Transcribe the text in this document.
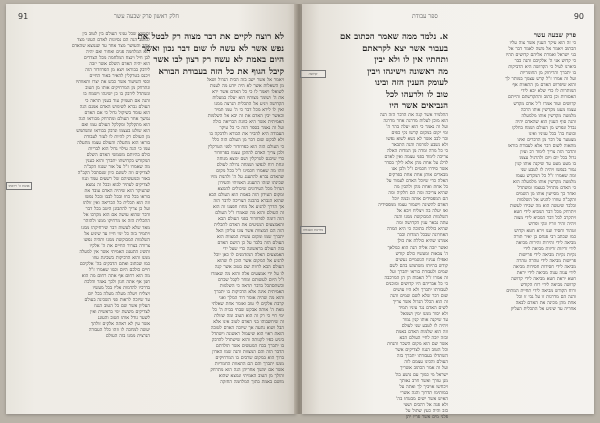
91	חלק ראשון פרק שבעה עשר
לא רוצה לקיים את דבר מצוה רק לבטל את
נפש אשר לא עשה לו שום דבר נכון ואשר
היום באמת לא עשה רק רצון לבו אשר
קיבל הגוף את כל הזה בעבודת הבורא
ויאמר אל אשר ישב בזה הבית הגדול ושאל
מן השאלות אשר לא היה יודע מה לענות
לשואלו ויאמר לו כי כל האדם אשר ירא
את ה' ושומר מצותיו הוא יעלה במעלות
הקדושה ויגיע אל התכלית הנרצה ממנו
ואין לו לירא מכל דבר כי ה' עמו תמיד
וכאשר יבין האדם את זה יבא אל השלמות
האמיתית אשר היא כוונת הבריאה כולה
ועל זה נאמר בספר הזה כי כל עיקר
העבודה היא להכיר את הבורא ולדבקה בו
ולא לבקש שום דבר מן העולם הזה כלל
כי העולם הזה הוא כפרוזדור לפני הטרקלין
ולכן צריך האדם להתקן עצמו בפרוזדור
כדי שיכנס לטרקלין ושם ימצא מנוחה
ונחת רוח לנפשו ושמחה גדולה לעולם
וזהו מה שאמרו חכמינו ז"ל בכל מקום
שהאדם נברא להתענג על ה' ולהנות מזיו
שכינתו שזהו התענוג האמיתי והעידון
הגדול מכל העידונים שיכולים להמצא
ומקום העידון הזה באמת הוא העולם הבא
שהוא הנברא בהכנה הצריכה לדבר הזה
אך הדרך להגיע אל מחוז חפצנו זה הוא
זה העולם והוא מה שאמרו ז"ל העולם
הזה דומה לפרוזדור בפני העולם הבא
והאמצעים המגיעים את האדם לתכלית
הזה הם המצוות אשר צונו עליהן האל
יתברך שמו ומקום עשית המצוות הוא
העולם הזה בלבד על כן הושם האדם
בזה העולם בראשונה כדי שעל ידי
האמצעים האלה המזדמנים לו כאן יוכל
להגיע אל המקום אשר הוכן לו שהוא
העולם הבא לרוות שם בטוב אשר קנה
לו על ידי אמצעים אלה והוא מה שאמרו
ז"ל היום לעשותם ומחר לקבל שכרם
וכשתסתכל בדבר תראה כי השלמות
האמיתית אינה אלא הדביקות בו יתברך
והוא מה שהיה אומר דוד המלך ואני
קרבת אלקים לי טוב ואומר אחת שאלתי
מאת ה' אותה אבקש שבתי בבית ה' כל
ימי חיי כי רק זה הוא הטוב ומה שזולת
זה שיחשבוהו בני האדם לטוב אינו אלא
הבל ושוא נתעה אך שיזכה האדם לטובה
הזאת ראוי הוא שיעמול ראשונה וישתדל
ביגיע כפיו לקנותה והוא שישתדל להדבק
בו יתברך בכח המעשים אשר תולדתם
הדבר הזה והם המצוות והנה שמו האדון
ברוך הוא במקום שרבים בו המרחיקים
ממנו יתברך והם הם התאוות החמריות
אשר אם ימשך אחריהן הנה הוא מתרחק
והולך מן הטוב האמיתי ונמצא שהוא
מושם באמת בתוך המלחמה החזקה
ותמצא שכל עניני העולם בין לטוב בין
למוטב הנה הם נסיונות לאדם העוני מצד
אחד והעושר מצד אחד עד שנמצא שהאדם
הוא המלחמה פנים ואחור ואם יהיה
לבן חיל וינצח המלחמה מכל הצדדים
הוא יהיה האדם השלם אשר יזכה
לידבק בבוראו ויצא מן הפרוזדור הזה
ויכנס בטרקלין להאיר באור החיים
וכפי השיעור אשר כבש את יצרו ותאוותיו
ונתרחק מן המרחיקים אותו מן הטוב
ונשתדל לידבק בו כן ישיגהו וישמח בו
והנה אם תעמיק עוד בענין תראה כי
העולם נברא לשימוש האדם אמנם הנה
הוא עומד בשיקול גדול כי אם האדם
נמשך אחר העולם ומתרחק מבוראו הנה
הוא מתקלקל ומקלקל העולם עמו ואם
הוא שולט בעצמו ונדבק בבוראו ומשתמש
מן העולם רק להיות לו לעזר לעבודת
בוראו הוא מתעלה והעולם עצמו מתעלה
עמו כי הנה עילוי גדול הוא לבריות
כולם בהיותם משמשי האדם השלם
המקודש בקדושתו יתברך והוא כענין
מה שאמרו ז"ל על אור שגנזו הקב"ה
לצדיקים וזה לשונם כיון שנסתכל הקב"ה
באור ובמעשיהם של רשעים עמד וגנזו
לצדיקים לעתיד לבוא ובכל זה נמצא
שהעיקר הוא שיהיה האדם עובד את
בוראו בכל כחו ובכל לבבו ובכל נפשו
וזה הוא תכלית כל הבריאה ואין זולתו
ועל כן צריך להתבונן היטב בכל דבר
ודבר שהוא עושה אם הוא מקרבו אל
התכלית הזה או מרחיקו ממנו ולהזהר
מאד שלא לעשות דבר שירחיקהו ממנו
ויתמיד בזה כל ימי חייו עד שיגיע אל
השלמות המבוקשת ממנו ותהיה נפשו
צרורה בצרור החיים את ה' אלקיו
ותשיג התענוג האמיתי אשר אין למעלה
ממנו והוא הדביקות בשכינת עוזו
כמו שכתוב ואתם הדבקים בה' אלקיכם
חיים כולכם היום וכמו שאמרו ז"ל
מה הוא רחום אף אתה רחום מה הוא
חנון אף אתה חנון ולכך נאמר והלכת
בדרכיו להדמות אליו בכל מעשיו
ויצליח ויעלה מעלה מעלה בכל יום
עד שיזכה לראות פני השכינה בעולם
העליון אשר שם כל הטוב הגנוז
לצדיקים מששת ימי בראשית ואין
לשער גודל אותו הטוב והעונג
אשר עין לא ראתה אלקים זולתך
יעשה למחכה לו וזהו כלל העבודה
הנרצית ממנו בזה העולם
אהבת ה' ויראתו
90
ספר עבודת
פרק שבעה עשר
כי זה הוא עיקר הענין אשר צוה עליו
הכתוב ויאמר אל משה לאמר דבר אל
בני ישראל ואמרת אליהם קדושים תהיו
כי קדוש אני ה' אלקיכם והנה כבר
ביארנו לעיל כי הקדושה היא הדביקות
בו יתברך והריחוק מן החומריות
ועל זה אמרו ז"ל קדש עצמך במותר לך
והוא שיפרוש האדם מן התאוות אף
המותרות לו כדי שלא יבא לידי
האסורות וכן כתוב והתקדשתם והייתם
קדושים ועוד אמרו ז"ל אדם מקדש
עצמו מעט מקדשין אותו הרבה
מלמטה מקדשין אותו מלמעלה
והנה סוף הענין הוא שהאדם יהיה
נבדל ונפרש מן העולם ושמח בחלקו
ובוטח בה' בכל עניניו ואינו
מצטער על דבר מן הדברים ואינו
מתאוה לשום דבר אלא לעבודת בוראו
והדבר הזה צריך לימוד רב ועיון
גדול בכל יום ויום ולהרגיל עצמו
בו מעט מעט עד שיקנה אותו קנין
גמור בנפשו ויהיה לו לטבע שני
ומה שאמרו ז"ל כל המקדש עצמו
מלמטה מקדשין אותו מלמעלה הוא
כי האדם מתחיל בעצמו ומשתדל
ואחר כך מסייעין אותו מן השמים
והקב"ה עוזרו להגיע אל השלמות
ובלבד שיעשה הוא מה שבידו לעשות
ויתרחק מכל דבר המביא לידי חטא
ויתקרב לכל דבר המביא לידי מצוה
ויהיה זהיר וזריז ונקי ופרוש
וטהור וחסיד וענו וירא חטא וקדוש
כמו שכתב רבי פנחס בן יאיר תורה
מביאה לידי זהירות זהירות מביאה
לידי זריזות זריזות מביאה לידי
נקיות נקיות מביאה לידי פרישות
פרישות מביאה לידי טהרה טהרה
מביאה לידי חסידות חסידות מביאה
לידי ענוה ענוה מביאה לידי יראת
חטא יראת חטא מביאה לידי קדושה
קדושה מביאה לידי רוח הקודש
ורוח הקודש מביאה לידי תחיית המתים
והנה הם מדרגות זו על גבי זו וכל
אחת מהן מכינה את האדם לבאה
אחריה עד שיגיע אל התכלית העליון
א. נלמד ממה שאמר הכתוב אם
בעבור אשר יצא לקראתם
ותחתיו אין לו ולא יבין
מה ראשונה וישיגהו ויבין
לעומק הענין הזה ובינו
טוב לו ולרעהו לכל
הנביאים אשר היו
התלמיד אשר קנה את הדבר הזה הנה
הוא מוכן לעלות מדרגה אחר מדרגה
ועל זה נאמר כי הוא יעלה בהר ה'
ומי יקום במקום קדשו נקי כפים
ובר לבב אשר לא נשא לשוא נפשו
ולא נשבע למרמה והנה התבאר
כי כל מדה ומדה מן המדות האלה
צריכה לימוד בפני עצמה ואין לאדם
לדלג על אחת מהן אלא לילך בסדר
אשר סידרו חכמים ז"ל ולכן אנו
מבארים אותן אחת אחת בפרקים
האלה כדי שיוכל האדם לעמוד על
כל אחת ואחת מהן ולהבין מה
שהיא צריכה ומה הם חלקיה ומה
הם המפסידים אותה ובמה יוכל
האדם להשיגה וישמור עצמו ממפסידיה
ואז יעלה בה ויצליח ויבא אל
השלמות המבוקשת ממנו והנה
עתה נבאר ענין הקדושה ומה
שהיא כוללת בתוכה כי היא המדה
האחרונה שבכל המדות וכבר
אמרנו שהיא כוללת את כולן
ואשר יזכה אליה הנה הוא כמלאך
ה' צבאות ומעשיו כולם קודש
ואפילו עניניו הגשמיים נעשים
קודש בהיותו משתמש בהם לשם
שמים ולעבודת בוראו יתברך ועל
זה אמרו ז"ל האבות הן הן המרכבה
כי כל אבריהם היו קדושים ומוכנים
לעבודתו יתברך ולא היו עושים
שום דבר שלא לשם שמים והנה
זה הוא הכלל הגדול אשר צריך
לשים האדם נגד עיניו תמיד
ולא יסור ממנו ימין ושמאל
עד שיקנה אותו קנין גמור
ויהיה לו לטבע שני לעולם
וזה הוא שלמות האדם באמת
ובזה יזכה לחיי העולם הבא
אשר שם הוא מקום השכר והנחת
וכל הטוב הגנוז לצדיקים אשר
השתדלו בעבודתו יתברך בזה
העולם והכינו עצמם לזה
ועל זה אמר הכתוב אשריך
ישראל מי כמוך עם נושע בה'
מגן עזרך ואשר חרב גאותך
ויכחשו אויביך לך ואתה על
במותימו תדרוך והנה אשרי
האיש אשר ישים מבטחו בה'
ולא פנה אל רהבים ושטי
כזב והיה כעץ שתול על
פלגי מים אשר פריו יתן
קדושה
מדרגות העבודה
